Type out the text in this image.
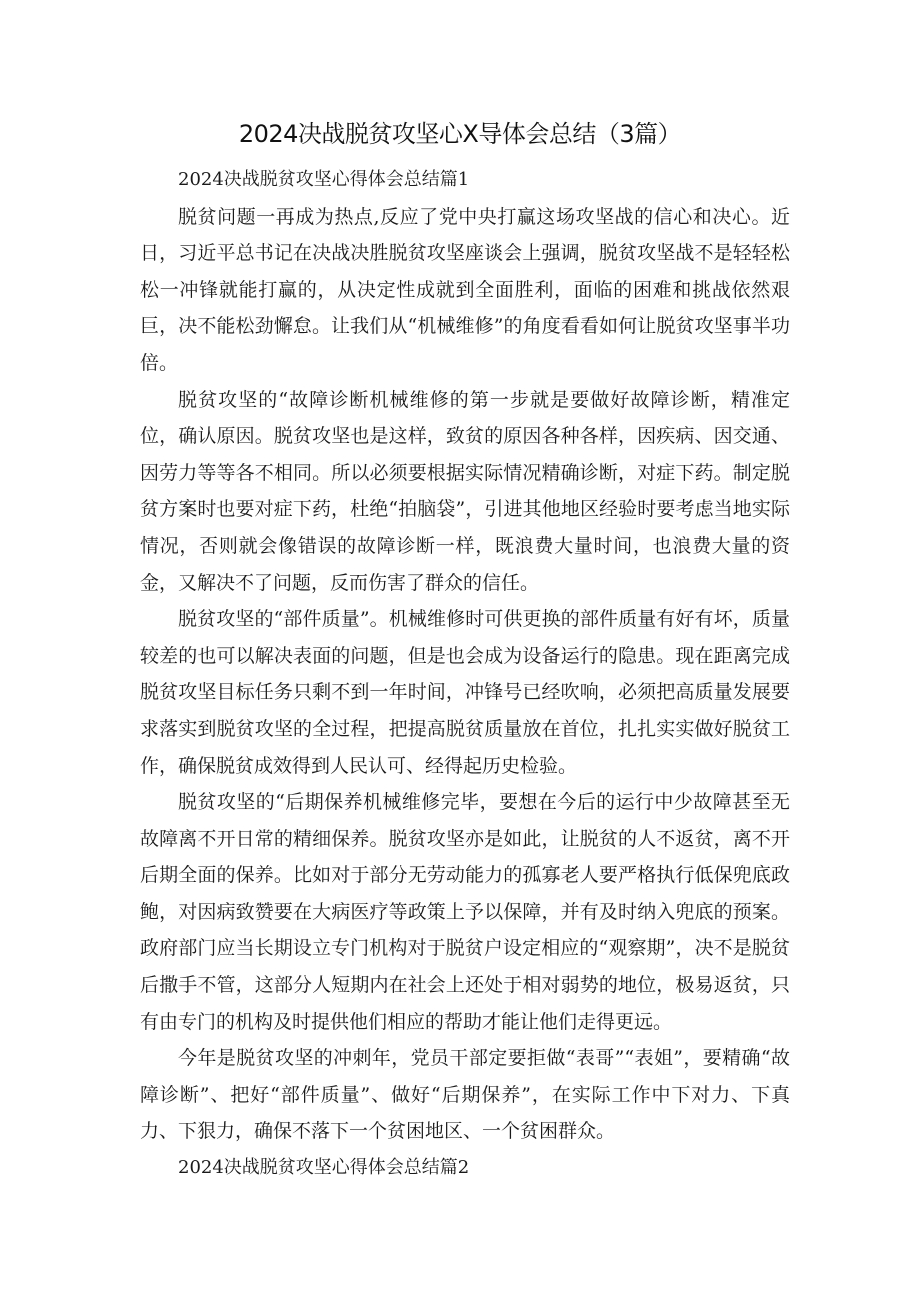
2024决战脱贫攻坚心X导体会总结（3篇）
2024决战脱贫攻坚心得体会总结篇1

脱贫问题一再成为热点,反应了党中央打赢这场攻坚战的信心和决心。近日，习近平总书记在决战决胜脱贫攻坚座谈会上强调，脱贫攻坚战不是轻轻松松一冲锋就能打赢的，从决定性成就到全面胜利，面临的困难和挑战依然艰巨，决不能松劲懈怠。让我们从“机械维修”的角度看看如何让脱贫攻坚事半功倍。

脱贫攻坚的“故障诊断机械维修的第一步就是要做好故障诊断，精准定位，确认原因。脱贫攻坚也是这样，致贫的原因各种各样，因疾病、因交通、因劳力等等各不相同。所以必须要根据实际情况精确诊断，对症下药。制定脱贫方案时也要对症下药，杜绝“拍脑袋”，引进其他地区经验时要考虑当地实际情况，否则就会像错误的故障诊断一样，既浪费大量时间，也浪费大量的资金，又解决不了问题，反而伤害了群众的信任。

脱贫攻坚的“部件质量”。机械维修时可供更换的部件质量有好有坏，质量较差的也可以解决表面的问题，但是也会成为设备运行的隐患。现在距离完成脱贫攻坚目标任务只剩不到一年时间，冲锋号已经吹响，必须把高质量发展要求落实到脱贫攻坚的全过程，把提高脱贫质量放在首位，扎扎实实做好脱贫工作，确保脱贫成效得到人民认可、经得起历史检验。

脱贫攻坚的“后期保养机械维修完毕，要想在今后的运行中少故障甚至无故障离不开日常的精细保养。脱贫攻坚亦是如此，让脱贫的人不返贫，离不开后期全面的保养。比如对于部分无劳动能力的孤寡老人要严格执行低保兜底政鲍，对因病致赞要在大病医疗等政策上予以保障，并有及时纳入兜底的预案。政府部门应当长期设立专门机构对于脱贫户设定相应的“观察期”，决不是脱贫后撒手不管，这部分人短期内在社会上还处于相对弱势的地位，极易返贫，只有由专门的机构及时提供他们相应的帮助才能让他们走得更远。

今年是脱贫攻坚的冲刺年，党员干部定要拒做“表哥”“表姐”，要精确“故障诊断”、把好“部件质量”、做好“后期保养”，在实际工作中下对力、下真力、下狠力，确保不落下一个贫困地区、一个贫困群众。

2024决战脱贫攻坚心得体会总结篇2
